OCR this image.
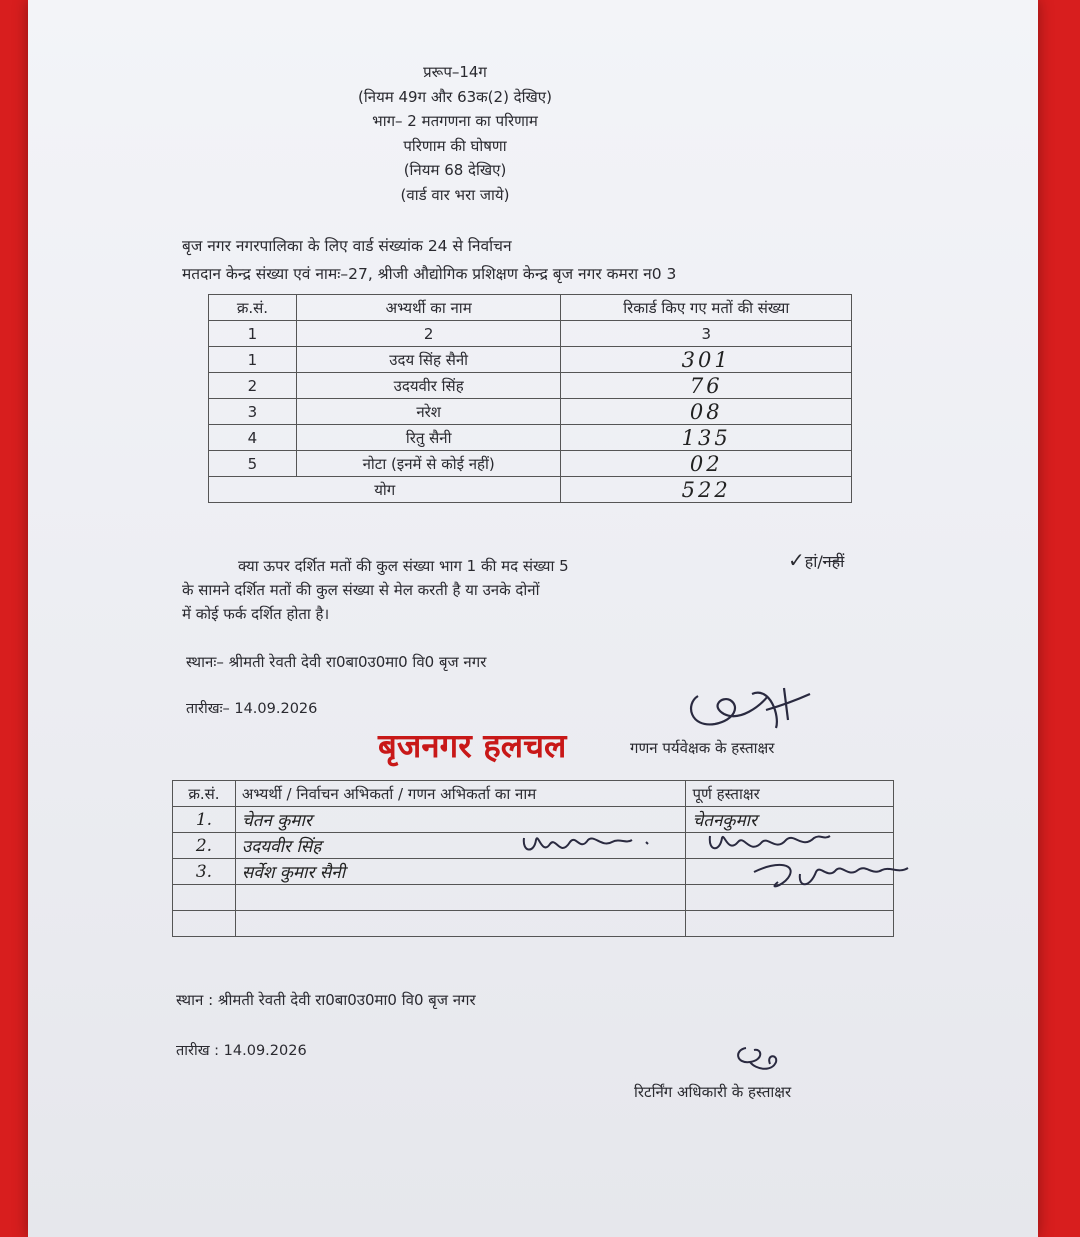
प्ररूप–14ग
(नियम 49ग और 63क(2) देखिए)
भाग– 2 मतगणना का परिणाम
परिणाम की घोषणा
(नियम 68 देखिए)
(वार्ड वार भरा जाये)
बृज नगर नगरपालिका के लिए वार्ड संख्यांक 24 से निर्वाचन
मतदान केन्द्र संख्या एवं नामः–27, श्रीजी औद्योगिक प्रशिक्षण केन्द्र बृज नगर कमरा न0 3
क्र.सं.	अभ्यर्थी का नाम	रिकार्ड किए गए मतों की संख्या
1	2	3
1	उदय सिंह सैनी	301
2	उदयवीर सिंह	76
3	नरेश	08
4	रितु सैनी	135
5	नोटा (इनमें से कोई नहीं)	02
योग		522
क्या ऊपर दर्शित मतों की कुल संख्या भाग 1 की मद संख्या 5
के सामने दर्शित मतों की कुल संख्या से मेल करती है या उनके दोनों
में कोई फर्क दर्शित होता है।
✓हां/नहीं
स्थानः– श्रीमती रेवती देवी रा0बा0उ0मा0 वि0 बृज नगर
तारीखः– 14.09.2026
बृजनगर हलचल	गणन पर्यवेक्षक के हस्ताक्षर
क्र.सं.	अभ्यर्थी / निर्वाचन अभिकर्ता / गणन अभिकर्ता का नाम	पूर्ण हस्ताक्षर
1.	चेतन कुमार	चेतनकुमार
2.	उदयवीर सिंह	
3.	सर्वेश कुमार सैनी	

स्थान : श्रीमती रेवती देवी रा0बा0उ0मा0 वि0 बृज नगर
तारीख : 14.09.2026
रिटर्निंग अधिकारी के हस्ताक्षर
